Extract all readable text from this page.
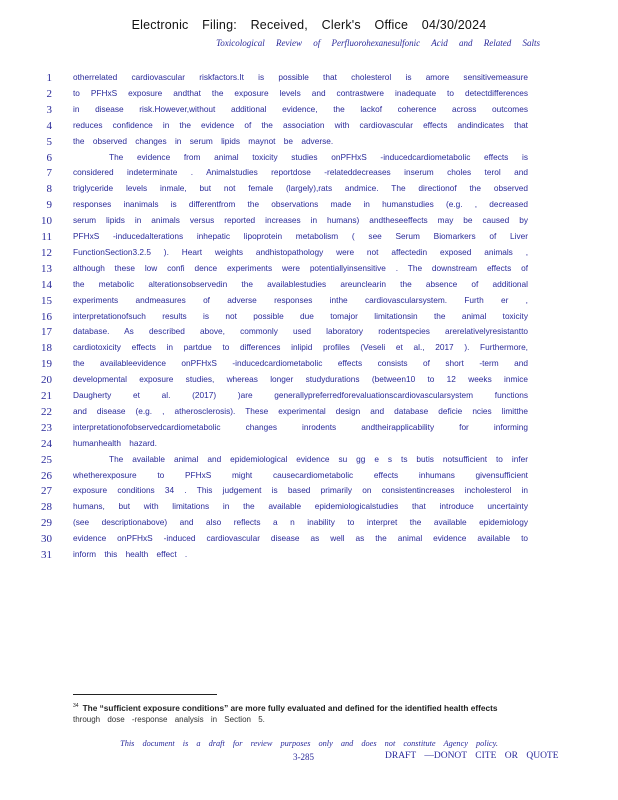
Electronic Filing: Received, Clerk's Office 04/30/2024
Toxicological Review of Perfluorohexanesulfonic Acid and Related Salts
1	otherrelated cardiovascular riskfactors.It is possible that cholesterol is amore sensitivemeasure
2	to PFHxS exposure andthat the exposure levels and contrastwere inadequate to detectdifferences
3	in disease risk.However,without additional evidence, the lackof coherence across outcomes
4	reduces confidence in the evidence of the association with cardiovascular effects andindicates that
5	the observed changes in serum lipids maynot be adverse.
6	The evidence from animal toxicity studies onPFHxS -inducedcardiometabolic effects is
7	considered indeterminate . Animalstudies reportdose -relateddecreases inserum choles terol and
8	triglyceride levels inmale, but not female (largely),rats andmice. The directionof the observed
9	responses inanimals is differentfrom the observations made in humanstudies (e.g. , decreased
10	serum lipids in animals versus reported increases in humans) andtheseeffects may be caused by
11	PFHxS -inducedalterations inhepatic lipoprotein metabolism ( see Serum Biomarkers of Liver
12	FunctionSection3.2.5 ). Heart weights andhistopathology were not affectedin exposed animals ,
13	although these low confi dence experiments were potentiallyinsensitive . The downstream effects of
14	the metabolic alterationsobservedin the availablestudies areunclearin the absence of additional
15	experiments andmeasures of adverse responses inthe cardiovascularsystem. Furth er ,
16	interpretationofsuch results is not possible due tomajor limitationsin the animal toxicity
17	database. As described above, commonly used laboratory rodentspecies arerelativelyresistantto
18	cardiotoxicity effects in partdue to differences inlipid profiles (Veseli et al., 2017 ). Furthermore,
19	the availableevidence onPFHxS -inducedcardiometabolic effects consists of short -term and
20	developmental exposure studies, whereas longer studydurations (between10 to 12 weeks inmice
21	Daugherty et al. (2017) )are generallypreferredforevaluationscardiovascularsystem functions
22	and disease (e.g. , atherosclerosis). These experimental design and database deficie ncies limitthe
23	interpretationofobservedcardiometabolic changes inrodents andtheirapplicability for informing
24	humanhealth hazard.
25	The available animal and epidemiological evidence su gg e s ts butis notsufficient to infer
26	whetherexposure to PFHxS might causecardiometabolic effects inhumans givensufficient
27	exposure conditions 34 . This judgement is based primarily on consistentincreases incholesterol in
28	humans, but with limitations in the available epidemiologicalstudies that introduce uncertainty
29	(see descriptionabove) and also reflects a n inability to interpret the available epidemiology
30	evidence onPFHxS -induced cardiovascular disease as well as the animal evidence available to
31	inform this health effect .
$^{34}$ The “sufficient exposure conditions” are more fully evaluated and defined for the identified health effects
through dose -response analysis in Section 5.
This document is a draft for review purposes only and does not constitute Agency policy.
3-285	DRAFT —DONOT CITE OR QUOTE
